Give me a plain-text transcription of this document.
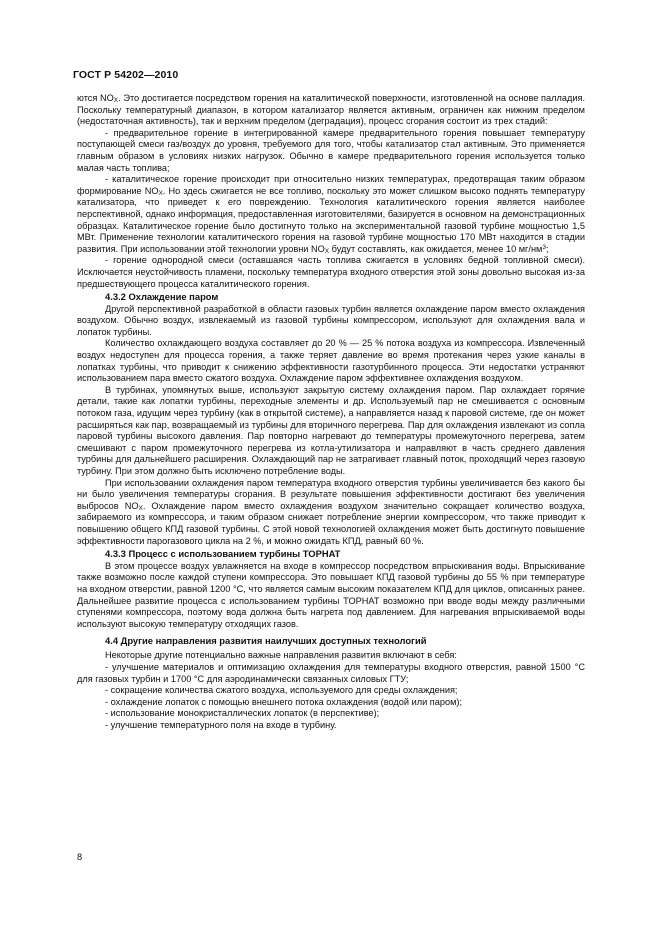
ГОСТ Р 54202—2010

ются $NO_X$. Это достигается посредством горения на каталитической поверхности, изготовленной на основе палладия. Поскольку температурный диапазон, в котором катализатор является активным, ограничен как нижним пределом (недостаточная активность), так и верхним пределом (деградация), процесс сгорания состоит из трех стадий:

- предварительное горение в интегрированной камере предварительного горения повышает температуру поступающей смеси газ/воздух до уровня, требуемого для того, чтобы катализатор стал активным. Это применяется главным образом в условиях низких нагрузок. Обычно в камере предварительного горения используется только малая часть топлива;

- каталитическое горение происходит при относительно низких температурах, предотвращая таким образом формирование $NO_X$. Но здесь сжигается не все топливо, поскольку это может слишком высоко поднять температуру катализатора, что приведет к его повреждению. Технология каталитического горения является наиболее перспективной, однако информация, предоставленная изготовителями, базируется в основном на демонстрационных образцах. Каталитическое горение было достигнуто только на экспериментальной газовой турбине мощностью 1,5 МВт. Применение технологии каталитического горения на газовой турбине мощностью 170 МВт находится в стадии развития. При использовании этой технологии уровни $NO_X$ будут составлять, как ожидается, менее 10 $мг/нм^3$;

- горение однородной смеси (оставшаяся часть топлива сжигается в условиях бедной топливной смеси). Исключается неустойчивость пламени, поскольку температура входного отверстия этой зоны довольно высокая из-за предшествующего процесса каталитического горения.

4.3.2 Охлаждение паром

Другой перспективной разработкой в области газовых турбин является охлаждение паром вместо охлаждения воздухом. Обычно воздух, извлекаемый из газовой турбины компрессором, используют для охлаждения вала и лопаток турбины.

Количество охлаждающего воздуха составляет до 20 % — 25 % потока воздуха из компрессора. Извлеченный воздух недоступен для процесса горения, а также теряет давление во время протекания через узкие каналы в лопатках турбины, что приводит к снижению эффективности газотурбинного процесса. Эти недостатки устраняют использованием пара вместо сжатого воздуха. Охлаждение паром эффективнее охлаждения воздухом.

В турбинах, упомянутых выше, используют закрытую систему охлаждения паром. Пар охлаждает горячие детали, такие как лопатки турбины, переходные элементы и др. Используемый пар не смешивается с основным потоком газа, идущим через турбину (как в открытой системе), а направляется назад к паровой системе, где он может расширяться как пар, возвращаемый из турбины для вторичного перегрева. Пар для охлаждения извлекают из сопла паровой турбины высокого давления. Пар повторно нагревают до температуры промежуточного перегрева, затем смешивают с паром промежуточного перегрева из котла-утилизатора и направляют в часть среднего давления турбины для дальнейшего расширения. Охлаждающий пар не затрагивает главный поток, проходящий через газовую турбину. При этом должно быть исключено потребление воды.

При использовании охлаждения паром температура входного отверстия турбины увеличивается без какого бы ни было увеличения температуры сгорания. В результате повышения эффективности достигают без увеличения выбросов $NO_X$. Охлаждение паром вместо охлаждения воздухом значительно сокращает количество воздуха, забираемого из компрессора, и таким образом снижает потребление энергии компрессором, что также приводит к повышению общего КПД газовой турбины. С этой новой технологией охлаждения может быть достигнуто повышение эффективности парогазового цикла на 2 %, и можно ожидать КПД, равный 60 %.

4.3.3 Процесс с использованием турбины TOPHAT

В этом процессе воздух увлажняется на входе в компрессор посредством впрыскивания воды. Впрыскивание также возможно после каждой ступени компрессора. Это повышает КПД газовой турбины до 55 % при температуре на входном отверстии, равной 1200 °С, что является самым высоким показателем КПД для циклов, описанных ранее. Дальнейшее развитие процесса с использованием турбины TOPHAT возможно при вводе воды между различными ступенями компрессора, поэтому вода должна быть нагрета под давлением. Для нагревания впрыскиваемой воды используют высокую температуру отходящих газов.

4.4 Другие направления развития наилучших доступных технологий

Некоторые другие потенциально важные направления развития включают в себя:

- улучшение материалов и оптимизацию охлаждения для температуры входного отверстия, равной 1500 °С для газовых турбин и 1700 °С для аэродинамически связанных силовых ГТУ;

- сокращение количества сжатого воздуха, используемого для среды охлаждения;

- охлаждение лопаток с помощью внешнего потока охлаждения (водой или паром);

- использование монокристаллических лопаток (в перспективе);

- улучшение температурного поля на входе в турбину.

8
